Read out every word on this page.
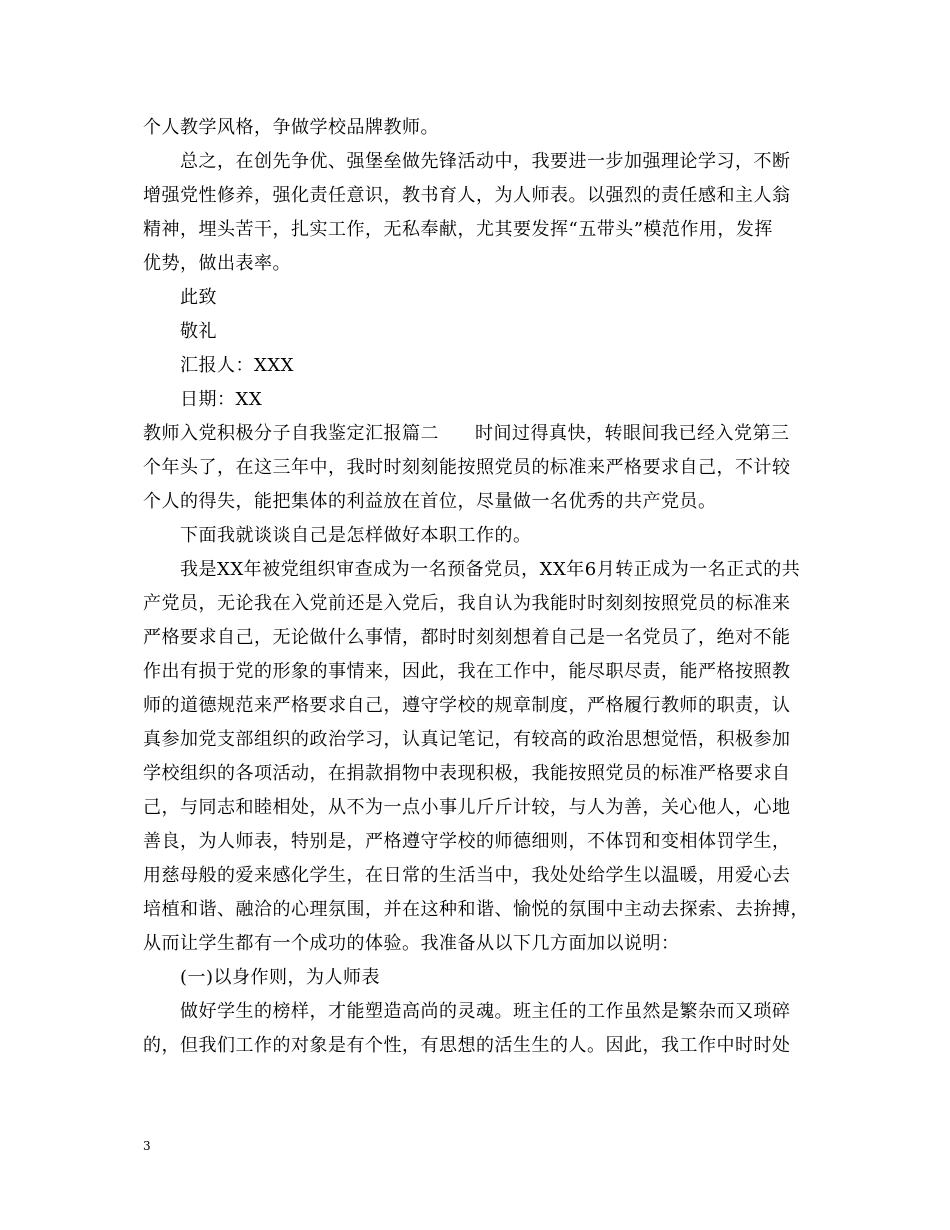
个人教学风格，争做学校品牌教师。
总之，在创先争优、强堡垒做先锋活动中，我要进一步加强理论学习，不断
增强党性修养，强化责任意识，教书育人，为人师表。以强烈的责任感和主人翁
精神，埋头苦干，扎实工作，无私奉献，尤其要发挥“五带头”模范作用，发挥
优势，做出表率。
此致
敬礼
汇报人：XXX
日期：XX
教师入党积极分子自我鉴定汇报篇二 时间过得真快，转眼间我已经入党第三
个年头了，在这三年中，我时时刻刻能按照党员的标准来严格要求自己，不计较
个人的得失，能把集体的利益放在首位，尽量做一名优秀的共产党员。
下面我就谈谈自己是怎样做好本职工作的。
我是XX年被党组织审查成为一名预备党员，XX年6月转正成为一名正式的共
产党员，无论我在入党前还是入党后，我自认为我能时时刻刻按照党员的标准来
严格要求自己，无论做什么事情，都时时刻刻想着自己是一名党员了，绝对不能
作出有损于党的形象的事情来，因此，我在工作中，能尽职尽责，能严格按照教
师的道德规范来严格要求自己，遵守学校的规章制度，严格履行教师的职责，认
真参加党支部组织的政治学习，认真记笔记，有较高的政治思想觉悟，积极参加
学校组织的各项活动，在捐款捐物中表现积极，我能按照党员的标准严格要求自
己，与同志和睦相处，从不为一点小事儿斤斤计较，与人为善，关心他人，心地
善良，为人师表，特别是，严格遵守学校的师德细则，不体罚和变相体罚学生，
用慈母般的爱来感化学生，在日常的生活当中，我处处给学生以温暖，用爱心去
培植和谐、融洽的心理氛围，并在这种和谐、愉悦的氛围中主动去探索、去拚搏，
从而让学生都有一个成功的体验。我准备从以下几方面加以说明：
(一)以身作则，为人师表
做好学生的榜样，才能塑造高尚的灵魂。班主任的工作虽然是繁杂而又琐碎
的，但我们工作的对象是有个性，有思想的活生生的人。因此，我工作中时时处
3
